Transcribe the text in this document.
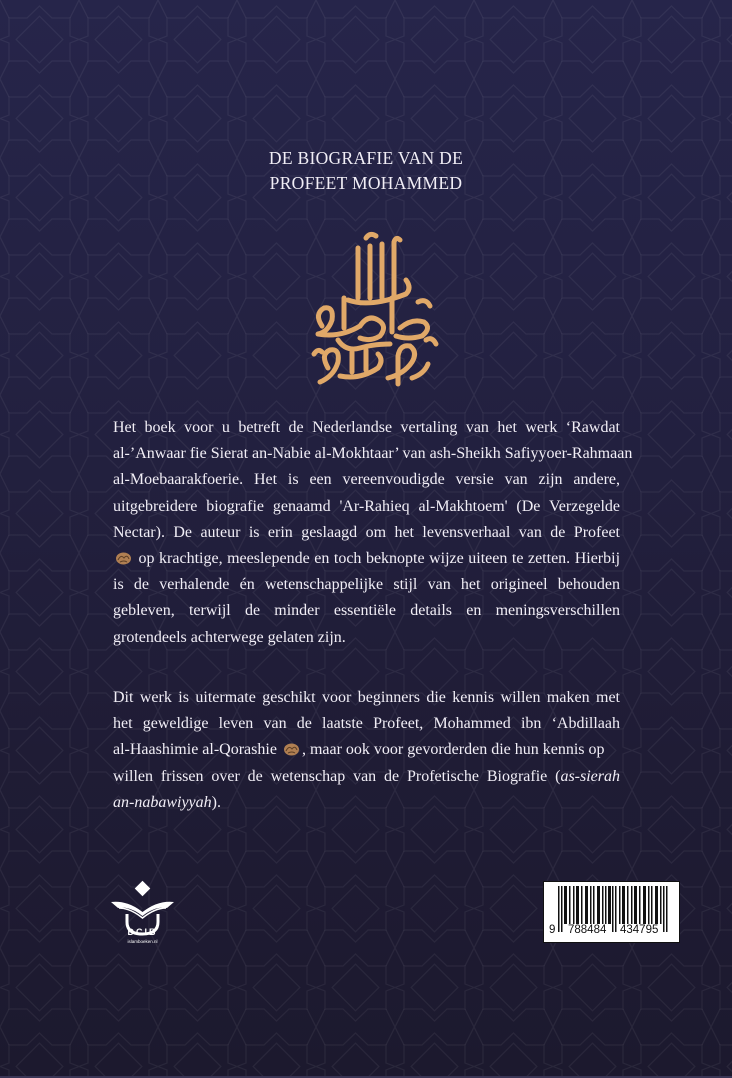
DE BIOGRAFIE VAN DE
PROFEET MOHAMMED
Het boek voor u betreft de Nederlandse vertaling van het werk ‘Rawdat
al-’Anwaar fie Sierat an-Nabie al-Mokhtaar’ van ash-Sheikh Safiyyoer-Rahmaan
al-Moebaarakfoerie. Het is een vereenvoudigde versie van zijn andere,
uitgebreidere biografie genaamd 'Ar-Rahieq al-Makhtoem' (De Verzegelde
Nectar). De auteur is erin geslaagd om het levensverhaal van de Profeet
op krachtige, meeslepende en toch beknopte wijze uiteen te zetten. Hierbij
is de verhalende én wetenschappelijke stijl van het origineel behouden
gebleven, terwijl de minder essentiële details en meningsverschillen
grotendeels achterwege gelaten zijn.
Dit werk is uitermate geschikt voor beginners die kennis willen maken met
het geweldige leven van de laatste Profeet, Mohammed ibn ‘Abdillaah
al-Haashimie al-Qorashie , maar ook voor gevorderden die hun kennis op
willen frissen over de wetenschap van de Profetische Biografie (as-sierah
an-nabawiyyah).
DCIB
islamboeken.nl
9 788484 434795
